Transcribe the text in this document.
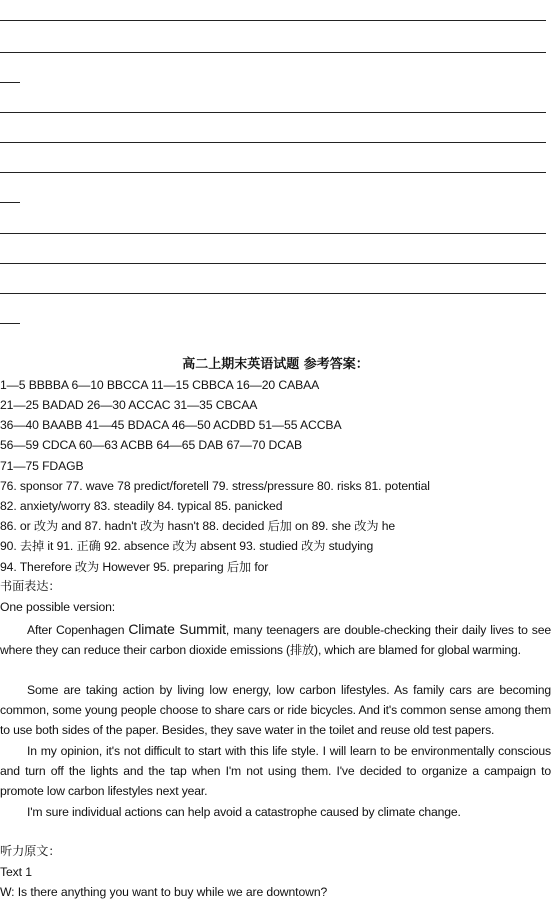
高二上期末英语试题 参考答案：
1—5 BBBBA 6—10 BBCCA 11—15 CBBCA 16—20 CABAA
21—25 BADAD 26—30 ACCAC 31—35 CBCAA
36—40 BAABB 41—45 BDACA 46—50 ACDBD 51—55 ACCBA
56—59 CDCA 60—63 ACBB 64—65 DAB 67—70 DCAB
71—75 FDAGB
76. sponsor 77. wave 78 predict/foretell 79. stress/pressure 80. risks 81. potential
82. anxiety/worry 83. steadily 84. typical 85. panicked
86. or 改为 and 87. hadn't 改为 hasn't 88. decided 后加 on 89. she 改为 he
90. 去掉 it 91. 正确 92. absence 改为 absent 93. studied 改为 studying
94. Therefore 改为 However 95. preparing 后加 for
书面表达：
One possible version:
After Copenhagen Climate Summit, many teenagers are double-checking their daily lives to see where they can reduce their carbon dioxide emissions (排放), which are blamed for global warming.
Some are taking action by living low energy, low carbon lifestyles. As family cars are becoming common, some young people choose to share cars or ride bicycles. And it's common sense among them to use both sides of the paper. Besides, they save water in the toilet and reuse old test papers.
In my opinion, it's not difficult to start with this life style. I will learn to be environmentally conscious and turn off the lights and the tap when I'm not using them. I've decided to organize a campaign to promote low carbon lifestyles next year.
I'm sure individual actions can help avoid a catastrophe caused by climate change.
听力原文：
Text 1
W: Is there anything you want to buy while we are downtown?
